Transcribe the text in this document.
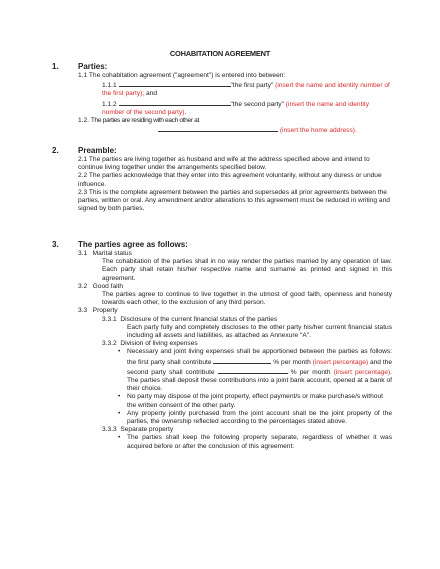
COHABITATION AGREEMENT
1. Parties:
1.1 The cohabitation agreement ("agreement") is entered into between:
1.1.1	"the first party" (insert the name and identity number of the first party); and
1.1.2	"the second party" (insert the name and identity number of the second party).
1.2. The parties are residing with each other at
(insert the home address).
2. Preamble:
2.1 The parties are living together as husband and wife at the address specified above and intend to continue living together under the arrangements specified below.
2.2 The parties acknowledge that they enter into this agreement voluntarily, without any duress or undue influence.
2.3 This is the complete agreement between the parties and supersedes all prior agreements between the parties, written or oral. Any amendment and/or alterations to this agreement must be reduced in writing and signed by both parties.
3. The parties agree as follows:
3.1 Marital status
The cohabitation of the parties shall in no way render the parties married by any operation of law. Each party shall retain his/her respective name and surname as printed and signed in this agreement.
3.2 Good faith
The parties agree to continue to live together in the utmost of good faith, openness and honesty towards each other, to the exclusion of any third person.
3.3 Property
3.3.1 Disclosure of the current financial status of the parties
Each party fully and completely discloses to the other party his/her current financial status including all assets and liabilities, as attached as Annexure "A".
3.3.2 Division of living expenses
• Necessary and joint living expenses shall be apportioned between the parties as follows: the first party shall contribute	% per month (insert percentage) and the second party shall contribute	% per month (insert percentage). The parties shall deposit these contributions into a joint bank account, opened at a bank of their choice.
• No party may dispose of the joint property, effect payment/s or make purchase/s without the written consent of the other party.
• Any property jointly purchased from the joint account shall be the joint property of the parties, the ownership reflected according to the percentages stated above.
3.3.3 Separate property
• The parties shall keep the following property separate, regardless of whether it was acquired before or after the conclusion of this agreement:
